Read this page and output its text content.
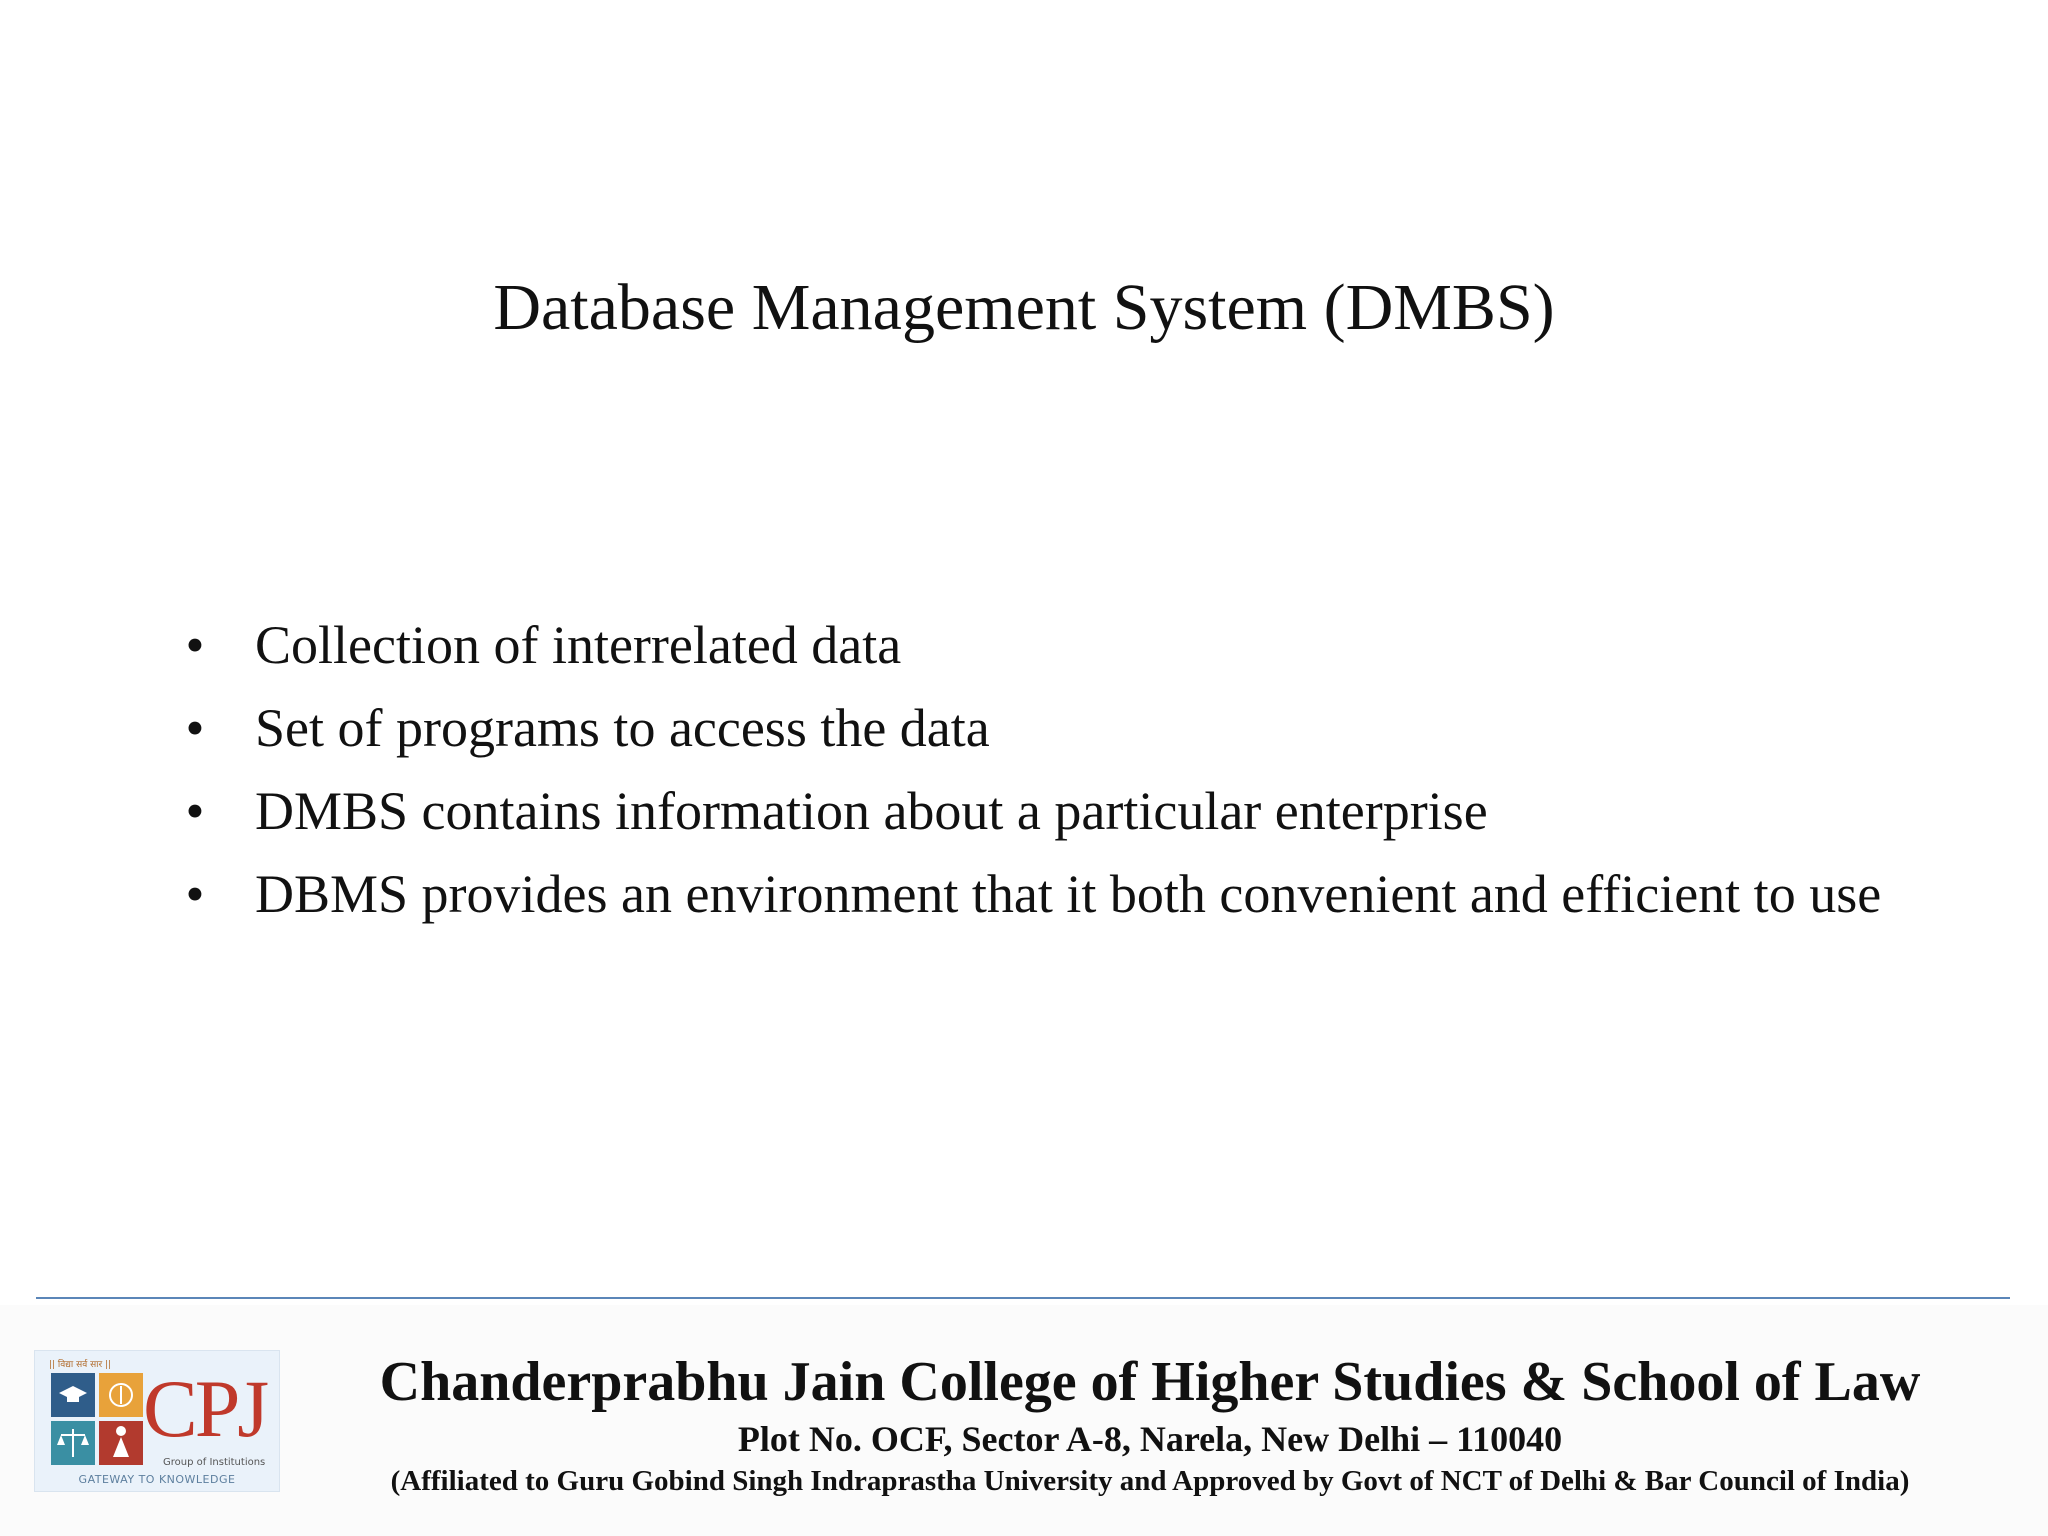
Database Management System (DMBS)
• Collection of interrelated data
• Set of programs to access the data
• DMBS contains information about a particular enterprise
• DBMS provides an environment that it both convenient and efficient to use
|| विद्या सर्व सार || CPJ
Group of Institutions
GATEWAY TO KNOWLEDGE
Chanderprabhu Jain College of Higher Studies & School of Law
Plot No. OCF, Sector A-8, Narela, New Delhi – 110040
(Affiliated to Guru Gobind Singh Indraprastha University and Approved by Govt of NCT of Delhi & Bar Council of India)
